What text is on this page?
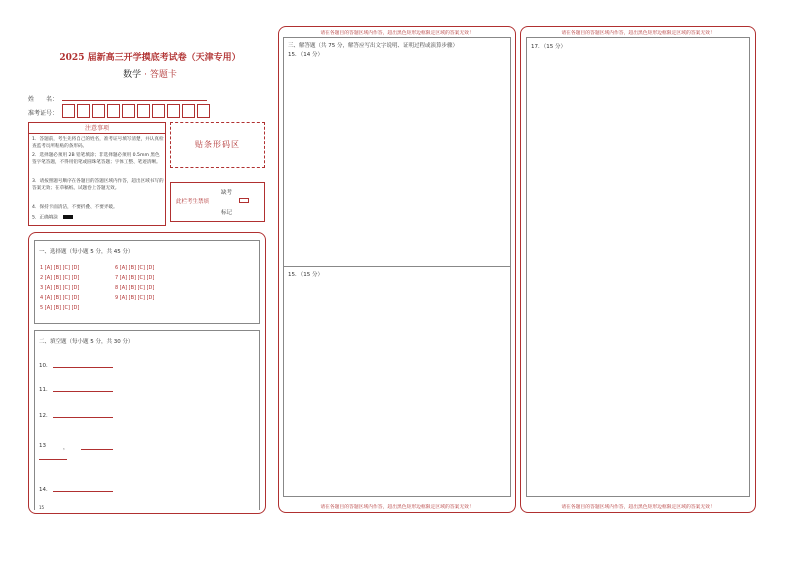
2025 届新高三开学摸底考试卷（天津专用）
数学 · 答题卡
姓　　名：
准考证号：
注意事项
1．答题前，考生先将自己的姓名，准考证号填写清楚，并认真检查监考员所粘贴的条形码。
2．选择题必须用 2B 铅笔填涂；非选择题必须用 0.5mm 黑色签字笔答题，不得用铅笔或圆珠笔答题；字体工整、笔迹清晰。
3．请按照题号顺序在各题目的答题区域内作答，超出区域书写的答案无效；在草稿纸、试题卷上答题无效。
4．保持卡面清洁，不要折叠、不要弄破。
5．正确填涂
贴条形码区
此栏考生禁填
缺考
标记
一、选择题（每小题 5 分，共 45 分）
1 [A] [B] [C] [D]
2 [A] [B] [C] [D]
3 [A] [B] [C] [D]
4 [A] [B] [C] [D]
5 [A] [B] [C] [D]
6 [A] [B] [C] [D]
7 [A] [B] [C] [D]
8 [A] [B] [C] [D]
9 [A] [B] [C] [D]
二、填空题（每小题 5 分，共 30 分）
10．
11．
12．
13	，
14．
15
请在各题目的答题区域内作答，超出黑色矩形边框限定区域的答案无效！
三、解答题（共 75 分，解答应写出文字说明、证明过程或演算步骤）
15．（14 分）
15．（15 分）
请在各题目的答题区域内作答，超出黑色矩形边框限定区域的答案无效！
请在各题目的答题区域内作答，超出黑色矩形边框限定区域的答案无效！
17．（15 分）
请在各题目的答题区域内作答，超出黑色矩形边框限定区域的答案无效！
